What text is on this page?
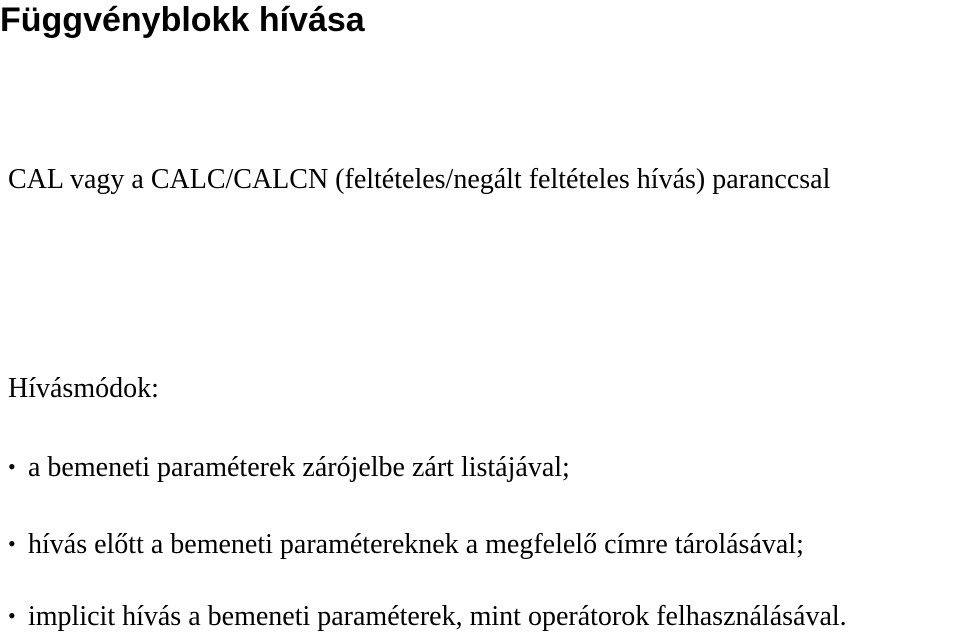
Függvényblokk hívása

CAL vagy a CALC/CALCN (feltételes/negált feltételes hívás) paranccsal

Hívásmódok:

• a bemeneti paraméterek zárójelbe zárt listájával;
• hívás előtt a bemeneti paramétereknek a megfelelő címre tárolásával;
• implicit hívás a bemeneti paraméterek, mint operátorok felhasználásával.
